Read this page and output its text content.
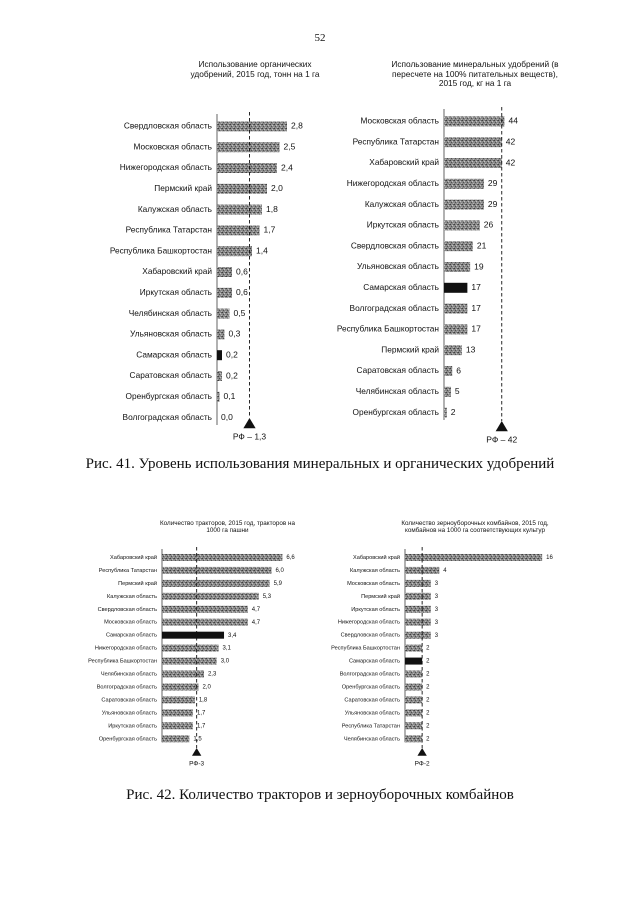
52
Использование органических удобрений, 2015 год, тонн на 1 га
Свердловская область	2,8
Московская область	2,5
Нижегородская область	2,4
Пермский край	2,0
Калужская область	1,8
Республика Татарстан	1,7
Республика Башкортостан	1,4
Хабаровский край	0,6
Иркутская область	0,6
Челябинская область	0,5
Ульяновская область 0,3
Самарская область 0,2
Саратовская область 0,2
Оренбургская область 0,1
Волгоградская область 0,0
РФ – 1,3
Использование минеральных удобрений (в пересчете на 100% питательных веществ), 2015 год, кг на 1 га
Московская область	44
Республика Татарстан	42
Хабаровский край	42
Нижегородская область	29
Калужская область	29
Иркутская область	26
Свердловская область	21
Ульяновская область	19
Самарская область	17
Волгоградская область	17
Республика Башкортостан	17
Пермский край	13
Саратовская область 6
Челябинская область 5
Оренбургская область 2
РФ – 42
Рис. 41. Уровень использования минеральных и органических удобрений
Количество тракторов, 2015 год, тракторов на 1000 га пашни
Хабаровский край	6,6
Республика Татарстан	6,0
Пермский край	5,9
Калужская область	5,3
Свердловская область	4,7
Московская область	4,7
Самарская область	3,4
Нижегородская область	3,1
Республика Башкортостан	3,0
Челябинская область	2,3
Волгоградская область	2,0
Саратовская область	1,8
Ульяновская область	1,7
Иркутская область	1,7
Оренбургская область	1,5
РФ-3
Количество зерноуборочных комбайнов, 2015 год, комбайнов на 1000 га соответствующих культур
Хабаровский край	16
Калужская область	4
Московская область	3
Пермский край	3
Иркутская область	3
Нижегородская область	3
Свердловская область	3
Республика Башкортостан	2
Самарская область	2
Волгоградская область	2
Оренбургская область	2
Саратовская область	2
Ульяновская область	2
Республика Татарстан	2
Челябинская область	2
РФ-2
Рис. 42. Количество тракторов и зерноуборочных комбайнов
